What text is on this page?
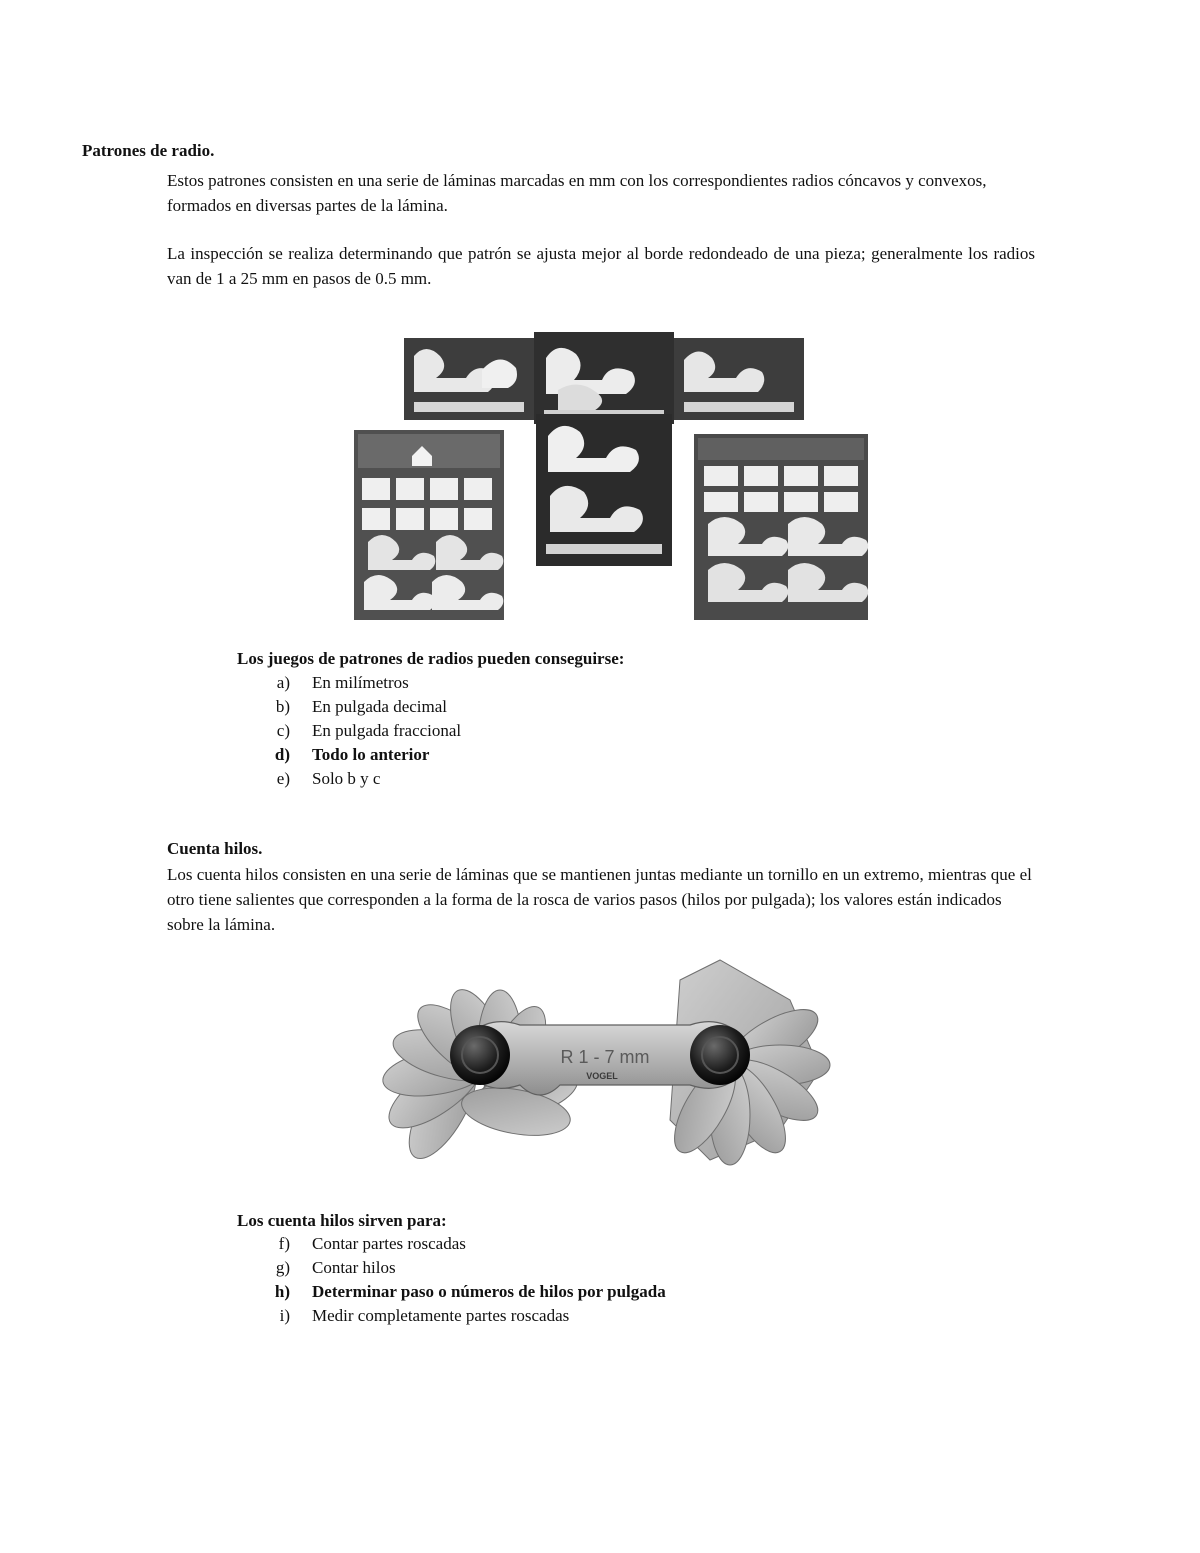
Patrones de radio.

Estos patrones consisten en una serie de láminas marcadas en mm con los correspondientes radios cóncavos y convexos, formados en diversas partes de la lámina.

La inspección se realiza determinando que patrón se ajusta mejor al borde redondeado de una pieza; generalmente los radios van de 1 a 25 mm en pasos de 0.5 mm.

Los juegos de patrones de radios pueden conseguirse:
a)	En milímetros
b)	En pulgada decimal
c)	En pulgada fraccional
d)	Todo lo anterior
e)	Solo b y c
Cuenta hilos.

Los cuenta hilos consisten en una serie de láminas que se mantienen juntas mediante un tornillo en un extremo, mientras que el otro tiene salientes que corresponden a la forma de la rosca de varios pasos (hilos por pulgada); los valores están indicados sobre la lámina.

R 1 - 7 mm
VOGEL
Los cuenta hilos sirven para:
f)	Contar partes roscadas
g)	Contar hilos
h)	Determinar paso o números de hilos por pulgada
i)	Medir completamente partes roscadas
